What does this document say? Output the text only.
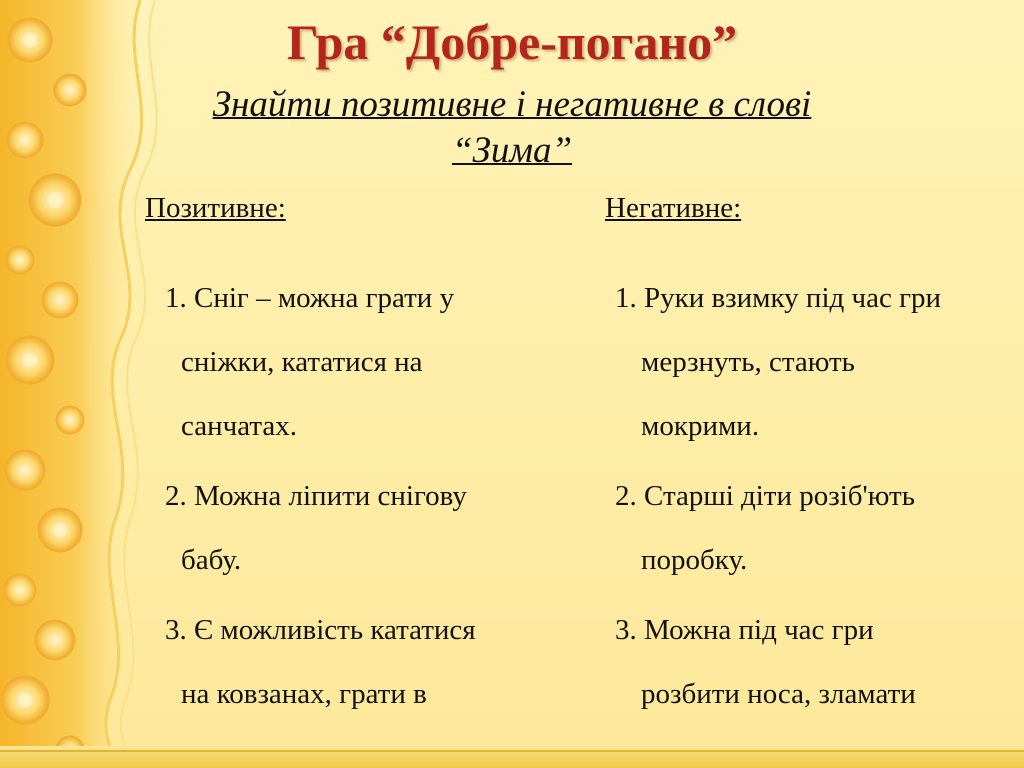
Гра “Добре-погано”
Знайти позитивне і негативне в слові
“Зима”

Позитивне:

1. Сніг – можна грати у
сніжки, кататися на
санчатах.

2. Можна ліпити снігову
бабу.

3. Є можливість кататися
на ковзанах, грати в

Негативне:

1. Руки взимку під час гри
мерзнуть, стають
мокрими.

2. Старші діти розіб'ють
поробку.

3. Можна під час гри
розбити носа, зламати
